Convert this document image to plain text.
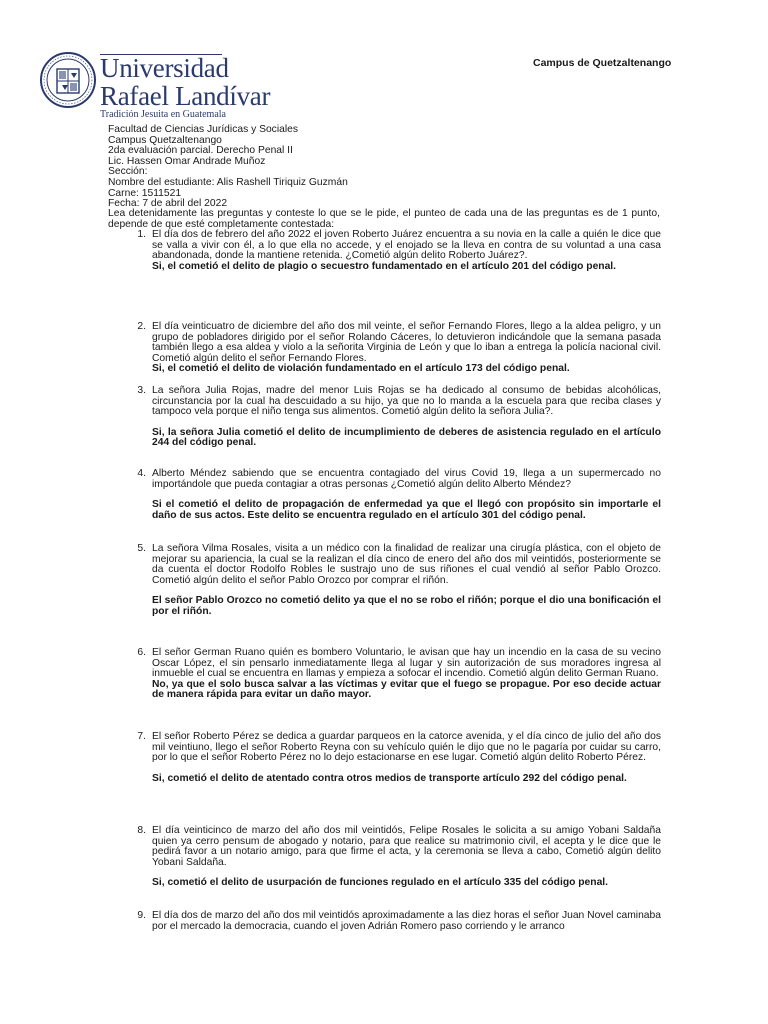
Universidad
Rafael Landívar
Tradición Jesuita en Guatemala
Campus de Quetzaltenango
Facultad de Ciencias Jurídicas y Sociales
Campus Quetzaltenango
2da evaluación parcial. Derecho Penal II
Lic. Hassen Omar Andrade Muñoz
Sección:
Nombre del estudiante: Alis Rashell Tiriquiz Guzmán
Carne: 1511521
Fecha: 7 de abril del 2022
Lea detenidamente las preguntas y conteste lo que se le pide, el punteo de cada una de las preguntas es de 1 punto, depende de que esté completamente contestada:
1. El día dos de febrero del año 2022 el joven Roberto Juárez encuentra a su novia en la calle a quién le dice que se valla a vivir con él, a lo que ella no accede, y el enojado se la lleva en contra de su voluntad a una casa abandonada, donde la mantiene retenida. ¿Cometió algún delito Roberto Juárez?.
Si, el cometió el delito de plagio o secuestro fundamentado en el artículo 201 del código penal.
2. El día veinticuatro de diciembre del año dos mil veinte, el señor Fernando Flores, llego a la aldea peligro, y un grupo de pobladores dirigido por el señor Rolando Cáceres, lo detuvieron indicándole que la semana pasada también llego a esa aldea y violo a la señorita Virginia de León y que lo iban a entrega la policía nacional civil. Cometió algún delito el señor Fernando Flores.
Si, el cometió el delito de violación fundamentado en el artículo 173 del código penal.
3. La señora Julia Rojas, madre del menor Luis Rojas se ha dedicado al consumo de bebidas alcohólicas, circunstancia por la cual ha descuidado a su hijo, ya que no lo manda a la escuela para que reciba clases y tampoco vela porque el niño tenga sus alimentos. Cometió algún delito la señora Julia?.
Si, la señora Julia cometió el delito de incumplimiento de deberes de asistencia regulado en el artículo 244 del código penal.
4. Alberto Méndez sabiendo que se encuentra contagiado del virus Covid 19, llega a un supermercado no importándole que pueda contagiar a otras personas ¿Cometió algún delito Alberto Méndez?
Si el cometió el delito de propagación de enfermedad ya que el llegó con propósito sin importarle el daño de sus actos. Este delito se encuentra regulado en el artículo 301 del código penal.
5. La señora Vilma Rosales, visita a un médico con la finalidad de realizar una cirugía plástica, con el objeto de mejorar su apariencia, la cual se la realizan el día cinco de enero del año dos mil veintidós, posteriormente se da cuenta el doctor Rodolfo Robles le sustrajo uno de sus riñones el cual vendió al señor Pablo Orozco. Cometió algún delito el señor Pablo Orozco por comprar el riñón.
El señor Pablo Orozco no cometió delito ya que el no se robo el riñón; porque el dio una bonificación el por el riñón.
6. El señor German Ruano quién es bombero Voluntario, le avisan que hay un incendio en la casa de su vecino Oscar López, el sin pensarlo inmediatamente llega al lugar y sin autorización de sus moradores ingresa al inmueble el cual se encuentra en llamas y empieza a sofocar el incendio. Cometió algún delito German Ruano.
No, ya que el solo busca salvar a las víctimas y evitar que el fuego se propague. Por eso decide actuar de manera rápida para evitar un daño mayor.
7. El señor Roberto Pérez se dedica a guardar parqueos en la catorce avenida, y el día cinco de julio del año dos mil veintiuno, llego el señor Roberto Reyna con su vehículo quién le dijo que no le pagaría por cuidar su carro, por lo que el señor Roberto Pérez no lo dejo estacionarse en ese lugar. Cometió algún delito Roberto Pérez.
Si, cometió el delito de atentado contra otros medios de transporte artículo 292 del código penal.
8. El día veinticinco de marzo del año dos mil veintidós, Felipe Rosales le solicita a su amigo Yobani Saldaña quien ya cerro pensum de abogado y notario, para que realice su matrimonio civil, el acepta y le dice que le pedirá favor a un notario amigo, para que firme el acta, y la ceremonia se lleva a cabo, Cometió algún delito Yobani Saldaña.
Si, cometió el delito de usurpación de funciones regulado en el artículo 335 del código penal.
9. El día dos de marzo del año dos mil veintidós aproximadamente a las diez horas el señor Juan Novel caminaba por el mercado la democracia, cuando el joven Adrián Romero paso corriendo y le arranco
